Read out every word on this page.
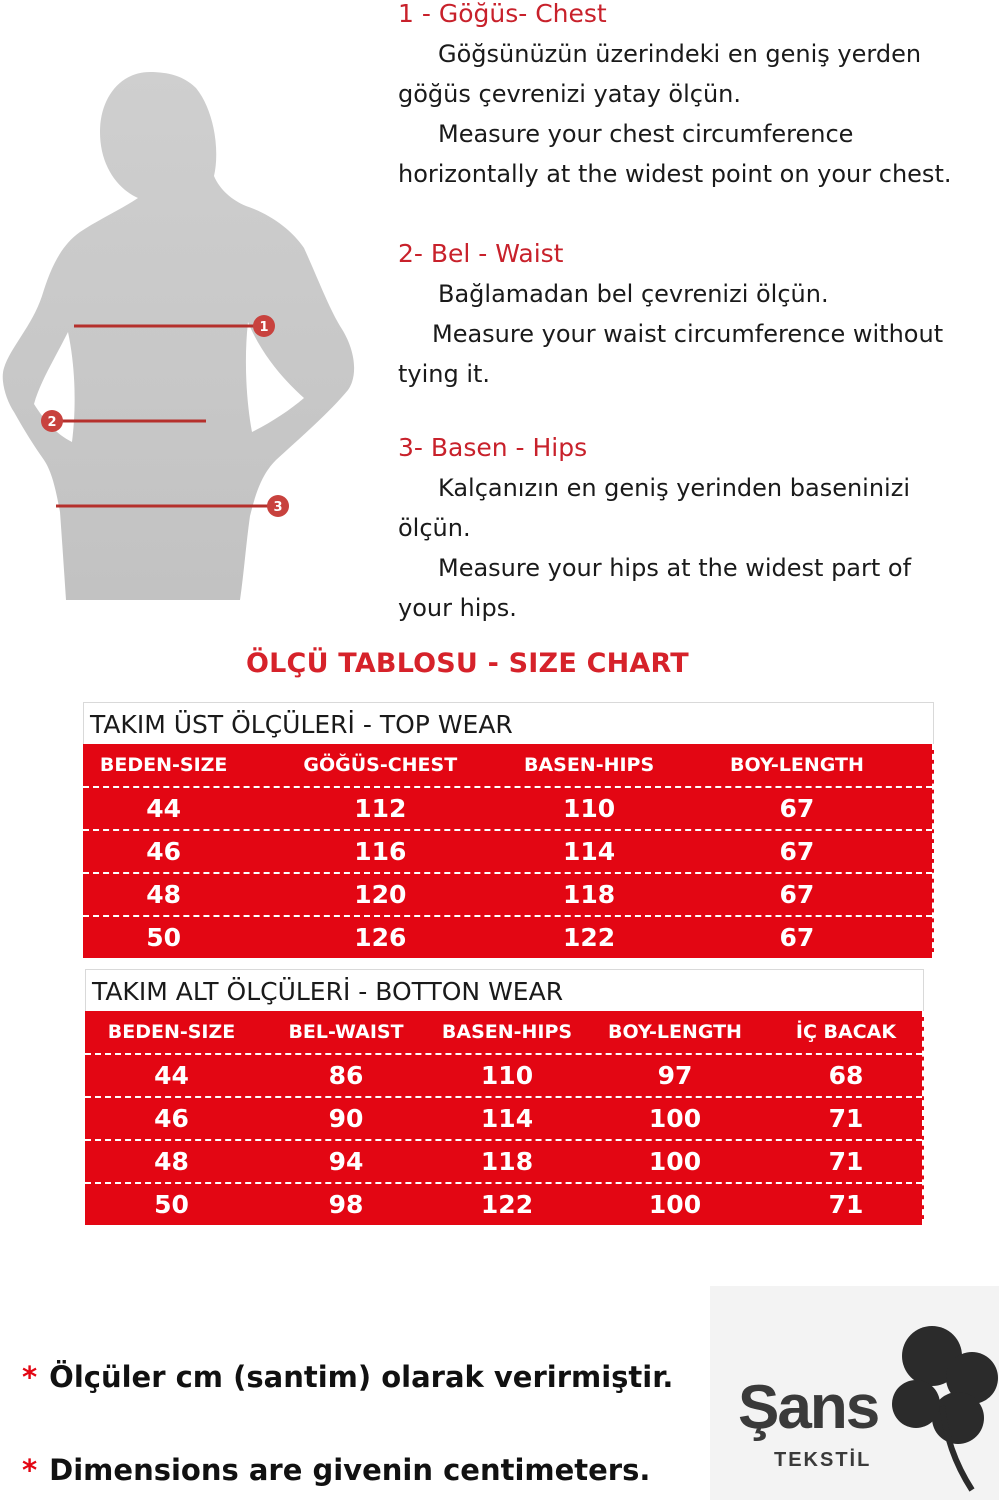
1
2
3

1 - Göğüs- Chest

Göğsünüzün üzerindeki en geniş yerden

göğüs çevrenizi yatay ölçün.

Measure your chest circumference

horizontally at the widest point on your chest.

2- Bel - Waist

Bağlamadan bel çevrenizi ölçün.

Measure your waist circumference without

tying it.

3- Basen - Hips

Kalçanızın en geniş yerinden baseninizi

ölçün.

Measure your hips at the widest part of

your hips.

ÖLÇÜ TABLOSU - SIZE CHART
TAKIM ÜST ÖLÇÜLERİ - TOP WEAR
BEDEN-SIZE	GÖĞÜS-CHEST	BASEN-HIPS	BOY-LENGTH
44	112	110	67
46	116	114	67
48	120	118	67
50	126	122	67
TAKIM ALT ÖLÇÜLERİ - BOTTON WEAR
BEDEN-SIZE	BEL-WAIST	BASEN-HIPS	BOY-LENGTH	İÇ BACAK
44	86	110	97	68
46	90	114	100	71
48	94	118	100	71
50	98	122	100	71
* Ölçüler cm (santim) olarak verirmiştir.
* Dimensions are givenin centimeters.
Şans
TEKSTİL
